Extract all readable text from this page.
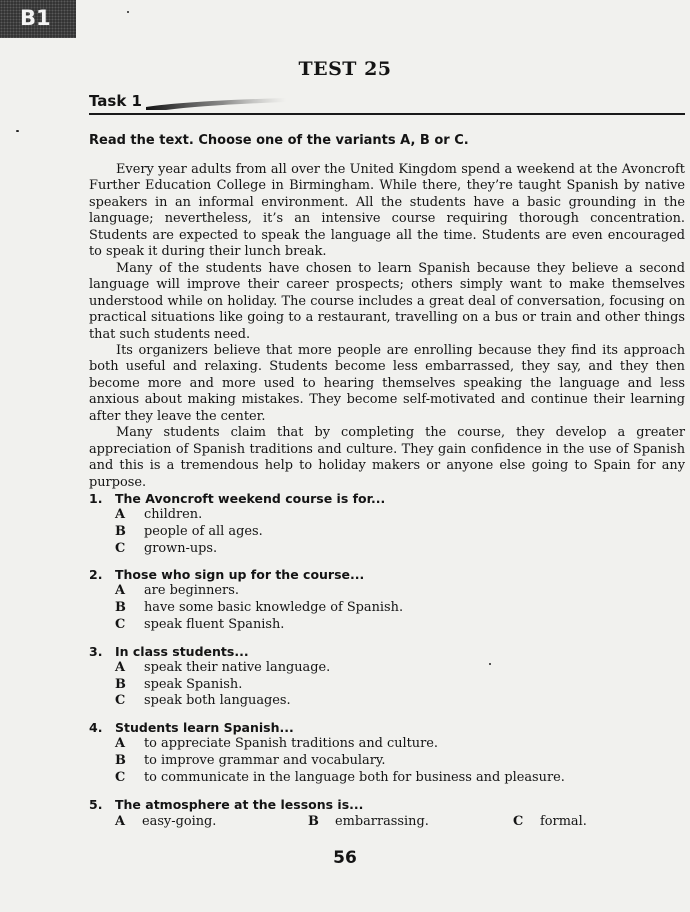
B1
TEST 25
Task 1
Read the text. Choose one of the variants A, B or C.

Every year adults from all over the United Kingdom spend a weekend at the Avoncroft Further Education College in Birmingham. While there, they’re taught Spanish by native speakers in an informal environment. All the students have a basic grounding in the language; nevertheless, it’s an intensive course requiring thorough concentration. Students are expected to speak the language all the time. Students are even encouraged to speak it during their lunch break.

Many of the students have chosen to learn Spanish because they believe a second language will improve their career prospects; others simply want to make themselves understood while on holiday. The course includes a great deal of conversation, focusing on practical situations like going to a restaurant, travelling on a bus or train and other things that such students need.

Its organizers believe that more people are enrolling because they find its approach both useful and relaxing. Students become less embarrassed, they say, and they then become more and more used to hearing themselves speaking the language and less anxious about making mistakes. They become self-motivated and continue their learning after they leave the center.

Many students claim that by completing the course, they develop a greater appreciation of Spanish traditions and culture. They gain confidence in the use of Spanish and this is a tremendous help to holiday makers or anyone else going to Spain for any purpose.

1. The Avoncroft weekend course is for...
A children.
B people of all ages.
C grown-ups.
2. Those who sign up for the course...
A are beginners.
B have some basic knowledge of Spanish.
C speak fluent Spanish.
3. In class students...
A speak their native language.
B speak Spanish.
C speak both languages.
4. Students learn Spanish...
A to appreciate Spanish traditions and culture.
B to improve grammar and vocabulary.
C to communicate in the language both for business and pleasure.
5. The atmosphere at the lessons is...
A easy-going.	B embarrassing.	C formal.
56
